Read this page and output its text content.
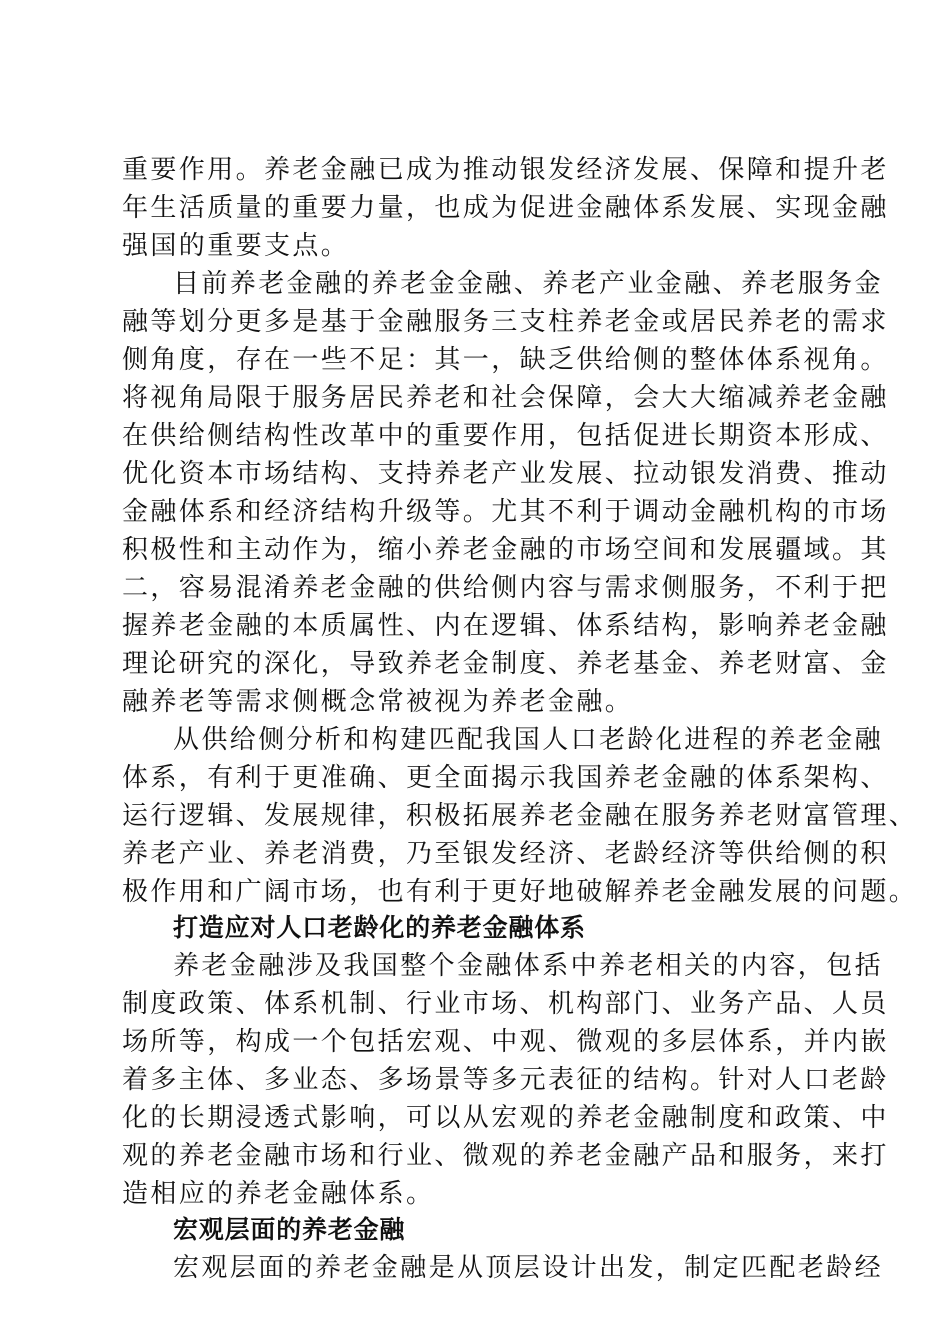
重要作用。养老金融已成为推动银发经济发展、保障和提升老
年生活质量的重要力量，也成为促进金融体系发展、实现金融
强国的重要支点。
目前养老金融的养老金金融、养老产业金融、养老服务金
融等划分更多是基于金融服务三支柱养老金或居民养老的需求
侧角度，存在一些不足：其一，缺乏供给侧的整体体系视角。
将视角局限于服务居民养老和社会保障，会大大缩减养老金融
在供给侧结构性改革中的重要作用，包括促进长期资本形成、
优化资本市场结构、支持养老产业发展、拉动银发消费、推动
金融体系和经济结构升级等。尤其不利于调动金融机构的市场
积极性和主动作为，缩小养老金融的市场空间和发展疆域。其
二，容易混淆养老金融的供给侧内容与需求侧服务，不利于把
握养老金融的本质属性、内在逻辑、体系结构，影响养老金融
理论研究的深化，导致养老金制度、养老基金、养老财富、金
融养老等需求侧概念常被视为养老金融。
从供给侧分析和构建匹配我国人口老龄化进程的养老金融
体系，有利于更准确、更全面揭示我国养老金融的体系架构、
运行逻辑、发展规律，积极拓展养老金融在服务养老财富管理、
养老产业、养老消费，乃至银发经济、老龄经济等供给侧的积
极作用和广阔市场，也有利于更好地破解养老金融发展的问题。
打造应对人口老龄化的养老金融体系
养老金融涉及我国整个金融体系中养老相关的内容，包括
制度政策、体系机制、行业市场、机构部门、业务产品、人员
场所等，构成一个包括宏观、中观、微观的多层体系，并内嵌
着多主体、多业态、多场景等多元表征的结构。针对人口老龄
化的长期浸透式影响，可以从宏观的养老金融制度和政策、中
观的养老金融市场和行业、微观的养老金融产品和服务，来打
造相应的养老金融体系。
宏观层面的养老金融
宏观层面的养老金融是从顶层设计出发，制定匹配老龄经
